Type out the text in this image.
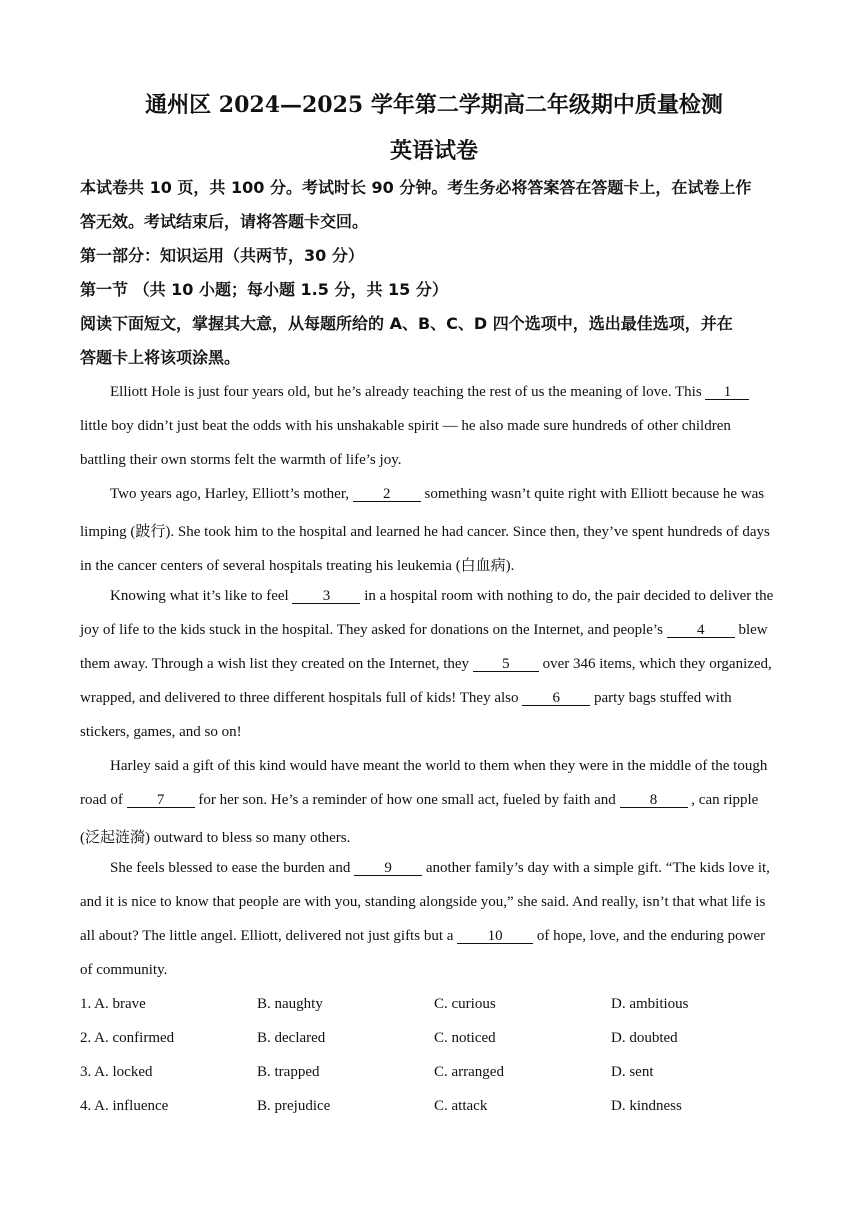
通州区 2024—2025 学年第二学期高二年级期中质量检测
英语试卷
本试卷共 10 页，共 100 分。考试时长 90 分钟。考生务必将答案答在答题卡上，在试卷上作
答无效。考试结束后，请将答题卡交回。
第一部分：知识运用（共两节，30 分）
第一节 （共 10 小题；每小题 1.5 分，共 15 分）
阅读下面短文，掌握其大意，从每题所给的 A、B、C、D 四个选项中，选出最佳选项，并在
答题卡上将该项涂黑。
Elliott Hole is just four years old, but he’s already teaching the rest of us the meaning of love. This 1
little boy didn’t just beat the odds with his unshakable spirit — he also made sure hundreds of other children
battling their own storms felt the warmth of life’s joy.
Two years ago, Harley, Elliott’s mother, 2 something wasn’t quite right with Elliott because he was
limping (跛行). She took him to the hospital and learned he had cancer. Since then, they’ve spent hundreds of days
in the cancer centers of several hospitals treating his leukemia (白血病).
Knowing what it’s like to feel 3 in a hospital room with nothing to do, the pair decided to deliver the
joy of life to the kids stuck in the hospital. They asked for donations on the Internet, and people’s 4 blew
them away. Through a wish list they created on the Internet, they 5 over 346 items, which they organized,
wrapped, and delivered to three different hospitals full of kids! They also 6 party bags stuffed with
stickers, games, and so on!
Harley said a gift of this kind would have meant the world to them when they were in the middle of the tough
road of 7 for her son. He’s a reminder of how one small act, fueled by faith and 8 , can ripple
(泛起涟漪) outward to bless so many others.
She feels blessed to ease the burden and 9 another family’s day with a simple gift. “The kids love it,
and it is nice to know that people are with you, standing alongside you,” she said. And really, isn’t that what life is
all about? The little angel. Elliott, delivered not just gifts but a 10 of hope, love, and the enduring power
of community.
1. A. brave	B. naughty	C. curious	D. ambitious
2. A. confirmed	B. declared	C. noticed	D. doubted
3. A. locked	B. trapped	C. arranged	D. sent
4. A. influence	B. prejudice	C. attack	D. kindness
